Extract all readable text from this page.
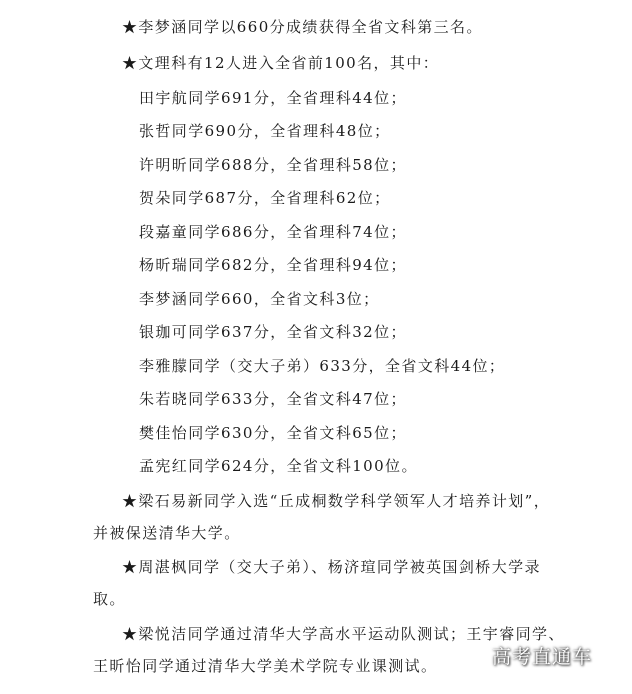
★李梦涵同学以660分成绩获得全省文科第三名。
★文理科有12人进入全省前100名，其中：
田宇航同学691分，全省理科44位；
张哲同学690分，全省理科48位；
许明昕同学688分，全省理科58位；
贺朵同学687分，全省理科62位；
段嘉童同学686分，全省理科74位；
杨昕瑞同学682分，全省理科94位；
李梦涵同学660，全省文科3位；
银珈可同学637分，全省文科32位；
李雅朦同学（交大子弟）633分，全省文科44位；
朱若晓同学633分，全省文科47位；
樊佳怡同学630分，全省文科65位；
孟宪红同学624分，全省文科100位。
★梁石易新同学入选“丘成桐数学科学领军人才培养计划”，
并被保送清华大学。
★周湛枫同学（交大子弟）、杨济瑄同学被英国剑桥大学录
取。
★梁悦洁同学通过清华大学高水平运动队测试；王宇睿同学、
王昕怡同学通过清华大学美术学院专业课测试。	高考直通车
